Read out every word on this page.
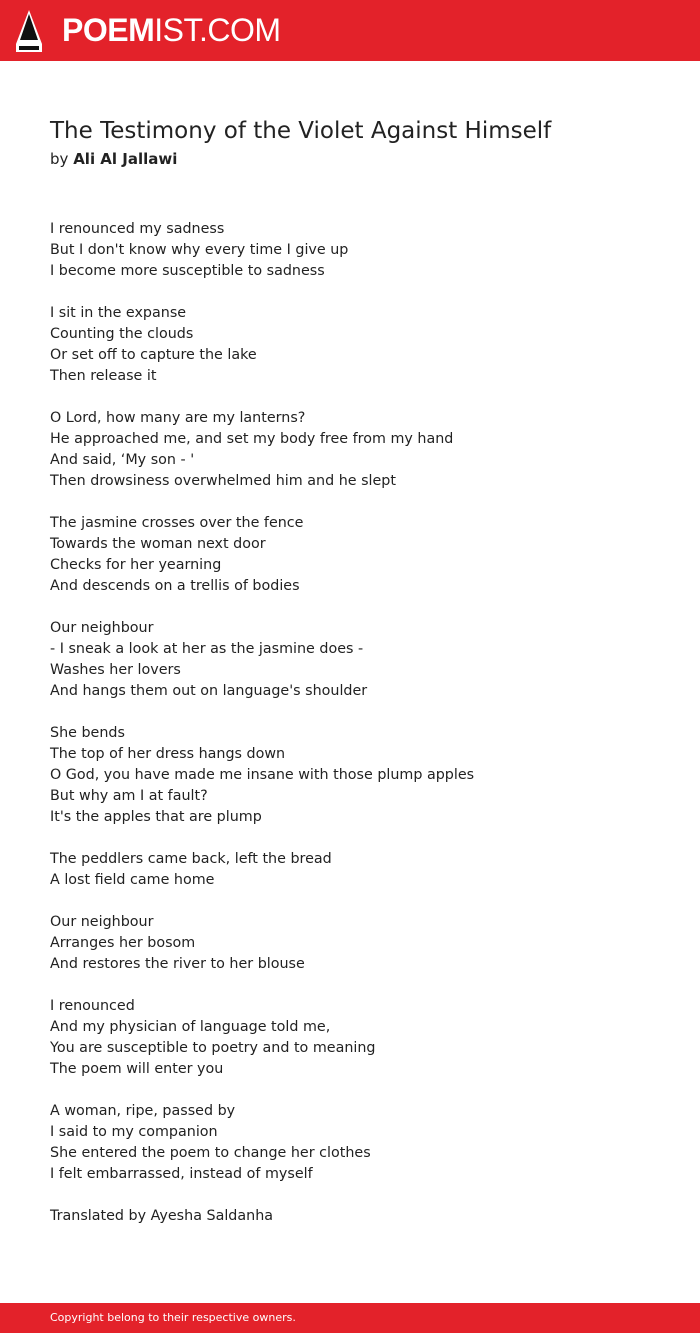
POEMIST.COM
The Testimony of the Violet Against Himself
by Ali Al Jallawi
I renounced my sadness
But I don't know why every time I give up
I become more susceptible to sadness
I sit in the expanse
Counting the clouds
Or set off to capture the lake
Then release it
O Lord, how many are my lanterns?
He approached me, and set my body free from my hand
And said, ‘My son - '
Then drowsiness overwhelmed him and he slept
The jasmine crosses over the fence
Towards the woman next door
Checks for her yearning
And descends on a trellis of bodies
Our neighbour
- I sneak a look at her as the jasmine does -
Washes her lovers
And hangs them out on language's shoulder
She bends
The top of her dress hangs down
O God, you have made me insane with those plump apples
But why am I at fault?
It's the apples that are plump
The peddlers came back, left the bread
A lost field came home
Our neighbour
Arranges her bosom
And restores the river to her blouse
I renounced
And my physician of language told me,
You are susceptible to poetry and to meaning
The poem will enter you
A woman, ripe, passed by
I said to my companion
She entered the poem to change her clothes
I felt embarrassed, instead of myself
Translated by Ayesha Saldanha
Copyright belong to their respective owners.
